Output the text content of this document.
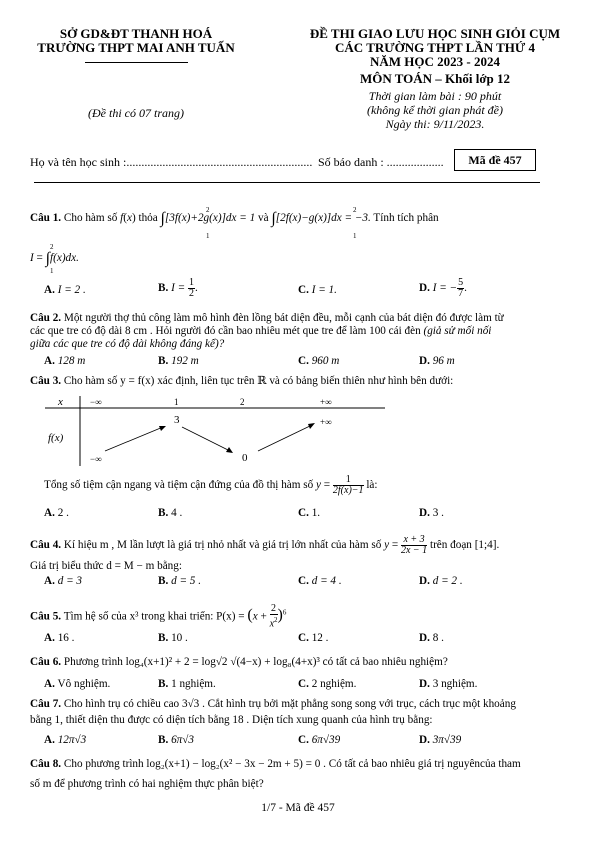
SỞ GD&ĐT THANH HOÁ
TRƯỜNG THPT MAI ANH TUẤN
(Đề thi có 07 trang)
ĐỀ THI GIAO LƯU HỌC SINH GIỎI CỤM
CÁC TRƯỜNG THPT LẦN THỨ 4
NĂM HỌC 2023 - 2024
MÔN TOÁN – Khối lớp 12
Thời gian làm bài : 90 phút
(không kể thời gian phát đề)
Ngày thi: 9/11/2023.
Họ và tên học sinh :.............................................................. Số báo danh : ...................	Mã đề 457
Câu 1. Cho hàm số f(x) thỏa ∫[3f(x)+2g(x)]dx = 1 và ∫[2f(x)−g(x)]dx = −3. Tính tích phân
2
1
2
1
I = ∫f(x)dx.
2
1
A. I = 2 .	B. $I = \frac{1}{2}$ .	C. I = 1.	D. I = − $\frac{5}{7}$ .
Câu 2. Một người thợ thủ công làm mô hình đèn lồng bát diện đều, mỗi cạnh của bát diện đó được làm từ
các que tre có độ dài 8 cm . Hỏi người đó cần bao nhiêu mét que tre để làm 100 cái đèn (giả sử mối nối
giữa các que tre có độ dài không đáng kể)?
A. 128 m	B. 192 m	C. 960 m	D. 96 m
Câu 3. Cho hàm số y = f(x) xác định, liên tục trên ℝ và có bảng biến thiên như hình bên dưới:
x
f(x)
−∞	1	2	+∞
−∞
3
0
+∞
Tổng số tiệm cận ngang và tiệm cận đứng của đồ thị hàm số $y = \frac{1}{2f(x)-1}$ là:
A. 2 .	B. 4 .	C. 1.	D. 3 .
Câu 4. Kí hiệu m , M lần lượt là giá trị nhỏ nhất và giá trị lớn nhất của hàm số $y = \frac{x + 3}{2x - 1}$ trên đoạn [1;4].
Giá trị biểu thức d = M − m bằng:
A. d = 3	B. d = 5 .	C. d = 4 .	D. d = 2 .
Câu 5. Tìm hệ số của x³ trong khai triển: $P(x) = (x + \frac{2}{x^2} )^6$
A. 16 .	B. 10 .	C. 12 .	D. 8 .
Câu 6. Phương trình log₄(x+1)² + 2 = log√2 √(4−x) + log₈(4+x)³ có tất cả bao nhiêu nghiệm?
A. Vô nghiệm.	B. 1 nghiệm.	C. 2 nghiệm.	D. 3 nghiệm.
Câu 7. Cho hình trụ có chiều cao 3√3 . Cắt hình trụ bởi mặt phẳng song song với trục, cách trục một khoảng
bằng 1, thiết diện thu được có diện tích bằng 18 . Diện tích xung quanh của hình trụ bằng:
A. 12π√3	B. 6π√3	C. 6π√39	D. 3π√39
Câu 8. Cho phương trình log₂(x+1) − log₂(x² − 3x − 2m + 5) = 0 . Có tất cả bao nhiêu giá trị nguyêncủa tham
số m để phương trình có hai nghiệm thực phân biệt?
1/7 - Mã đề 457
